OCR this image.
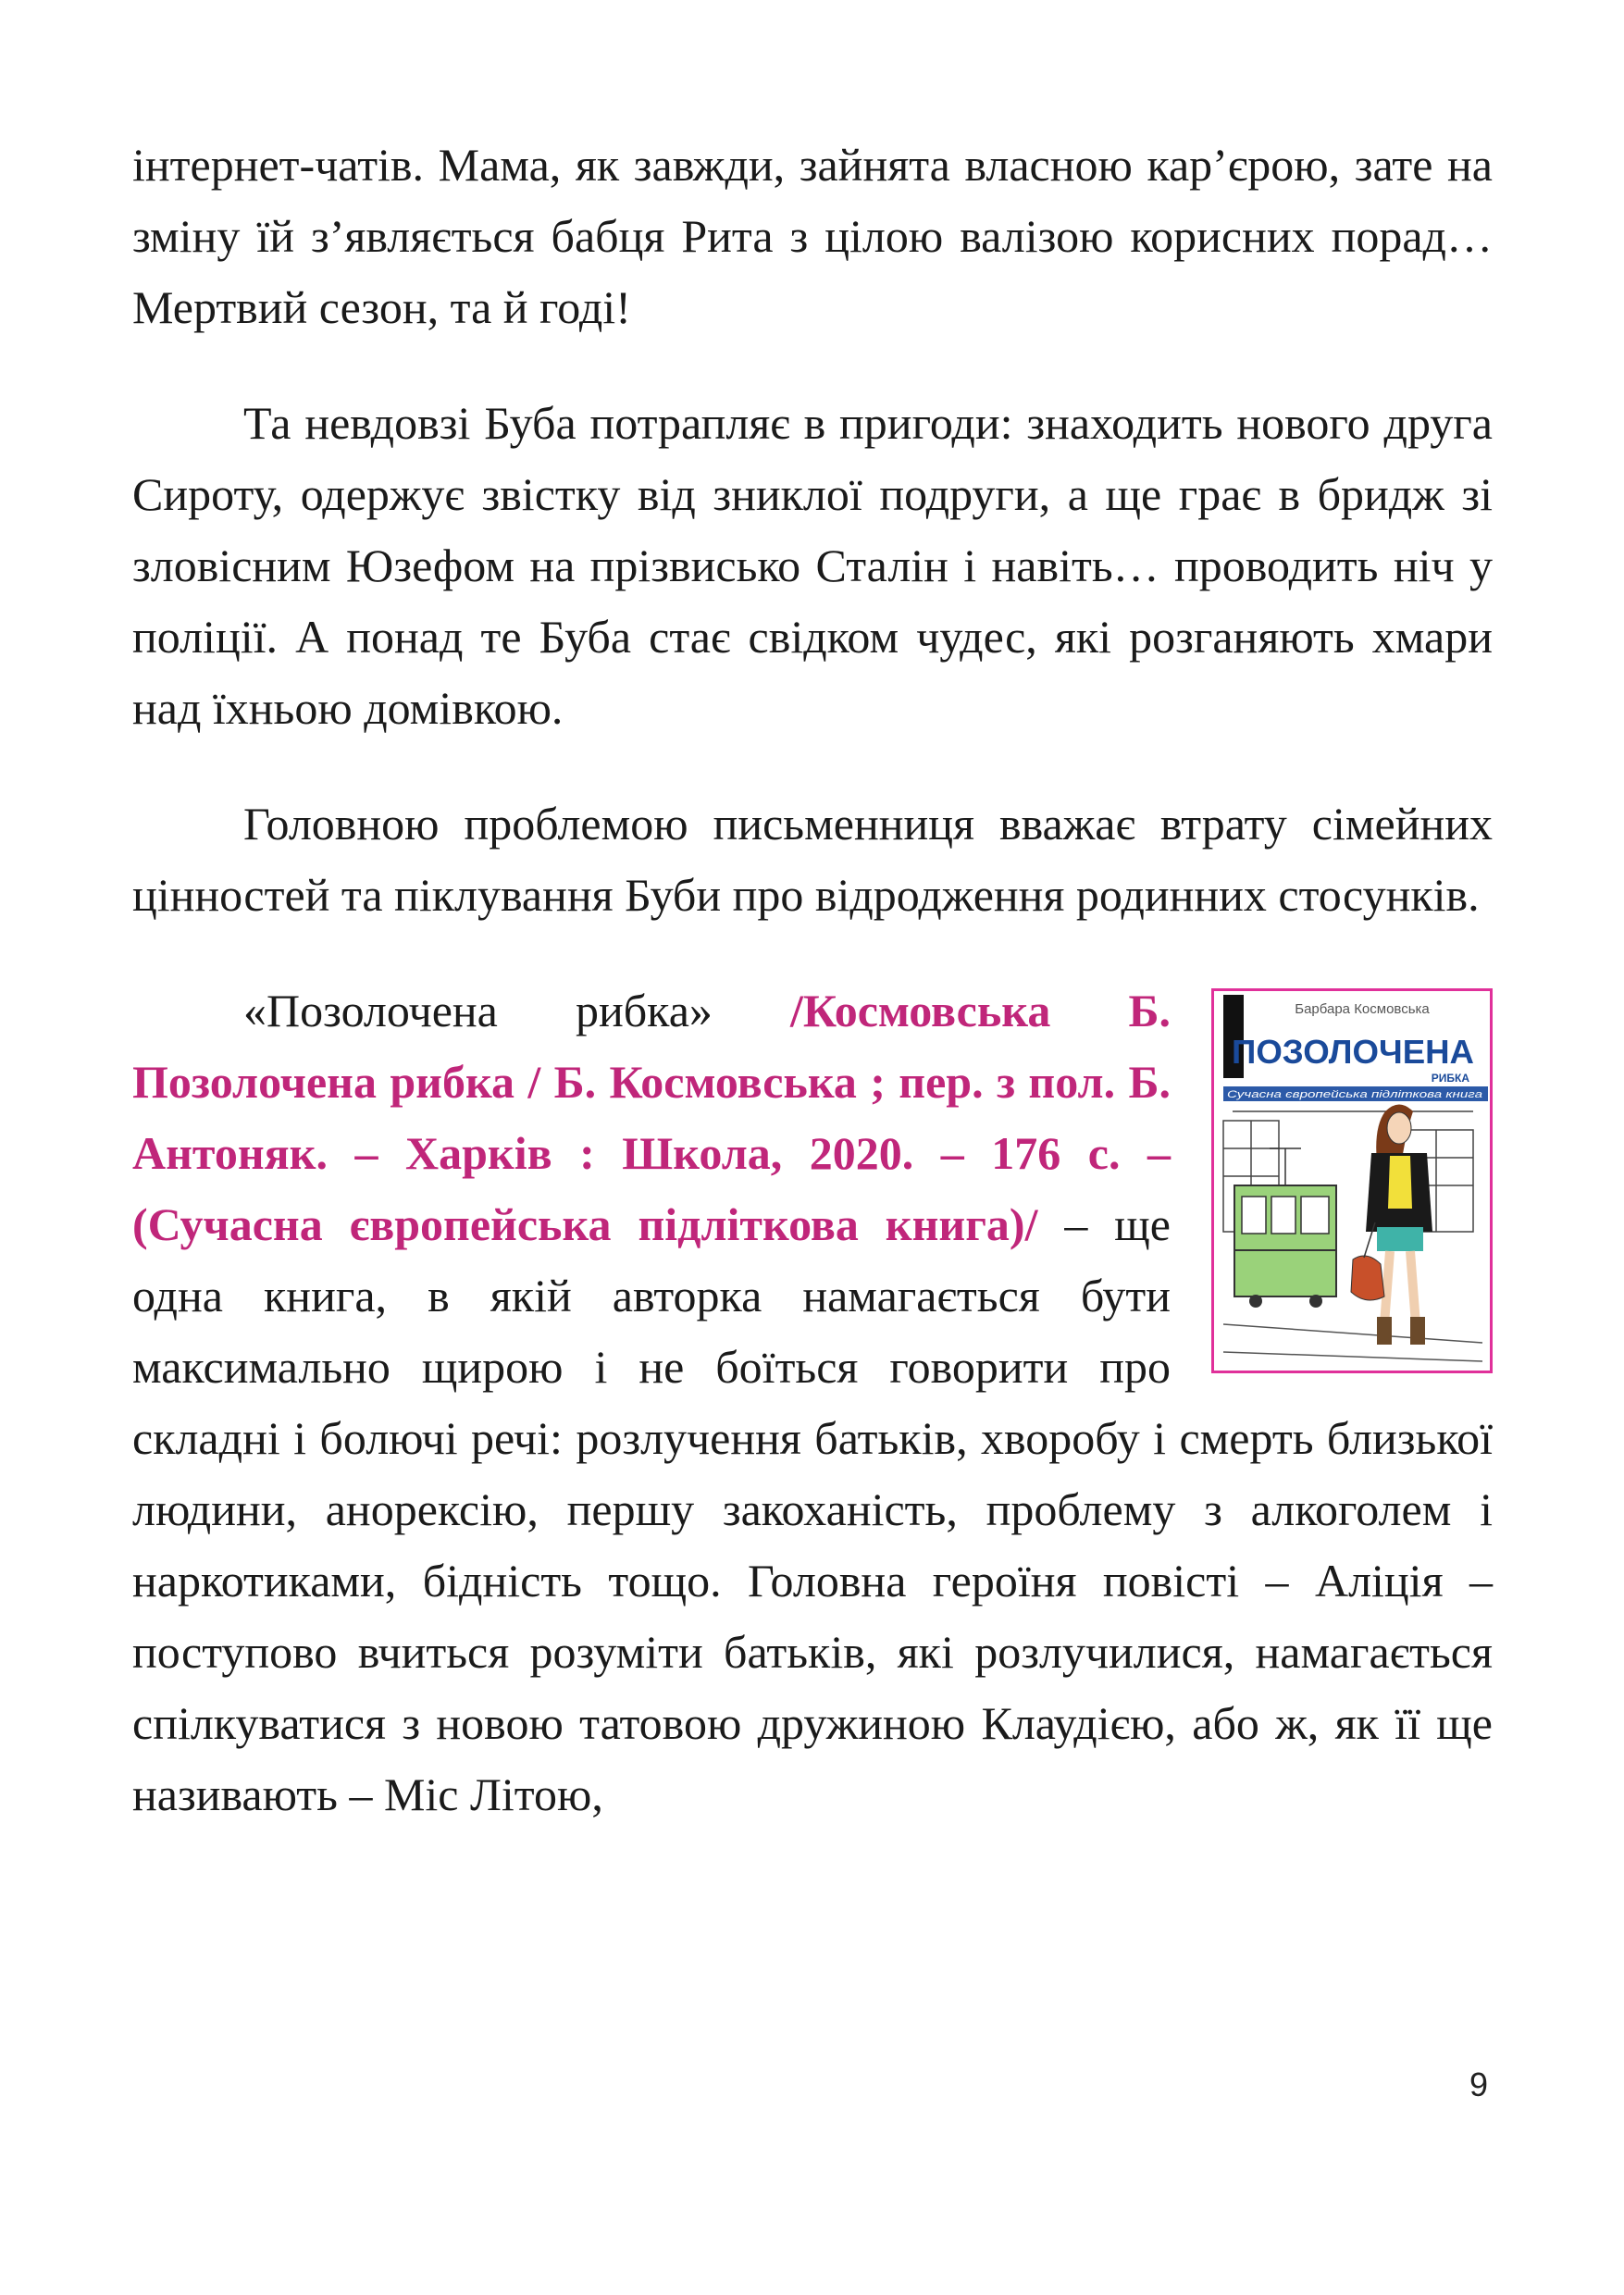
інтернет-чатів. Мама, як завжди, зайнята власною кар’єрою, зате на зміну їй з’являється бабця Рита з цілою валізою корисних порад… Мертвий сезон, та й годі!

Та невдовзі Буба потрапляє в пригоди: знаходить нового друга Сироту, одержує звістку від зниклої подруги, а ще грає в бридж зі зловісним Юзефом на прізвисько Сталін і навіть… проводить ніч у поліції. А понад те Буба стає свідком чудес, які розганяють хмари над їхньою домівкою.

Головною проблемою письменниця вважає втрату сімейних цінностей та піклування Буби про відродження родинних стосунків.

Барбара Космовська
ПОЗОЛОЧЕНА
РИБКА
Сучасна європейська підліткова книга

«Позолочена рибка» /Космовська Б. Позолочена рибка / Б. Космовська ; пер. з пол. Б. Антоняк. – Харків : Школа, 2020. – 176 с. – (Сучасна європейська підліткова книга)/ – ще одна книга, в якій авторка намагається бути максимально щирою і не боїться говорити про складні і болючі речі: розлучення батьків, хворобу і смерть близької людини, анорексію, першу закоханість, проблему з алкоголем і наркотиками, бідність тощо. Головна героїня повісті – Аліція – поступово вчиться розуміти батьків, які розлучилися, намагається спілкуватися з новою татовою дружиною Клаудією, або ж, як її ще називають – Міс Літою,

9
